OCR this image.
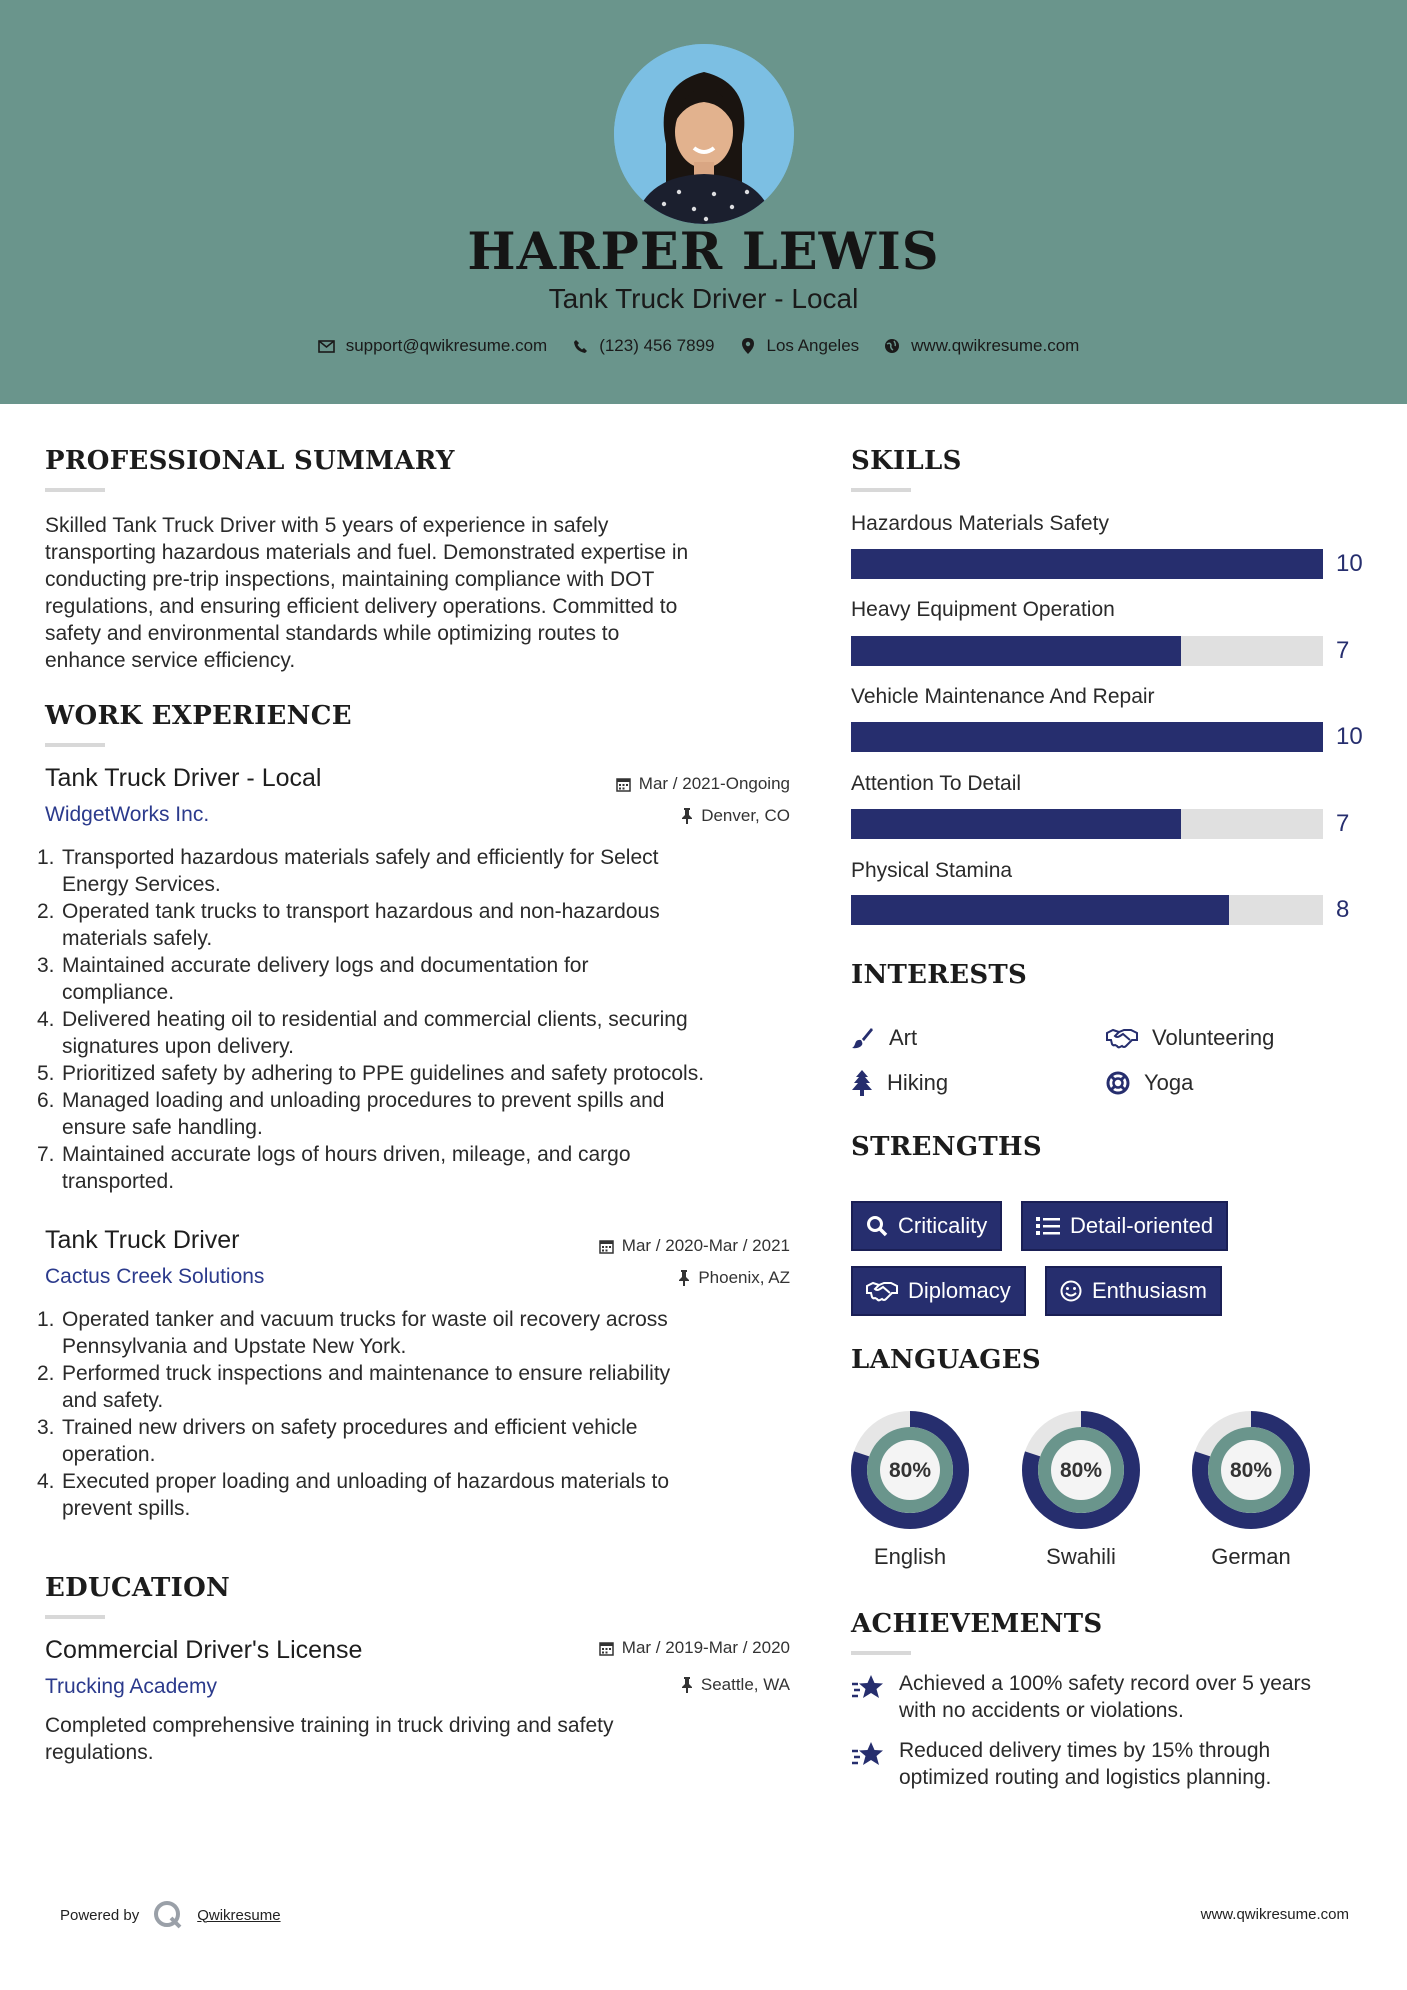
HARPER LEWIS
Tank Truck Driver - Local
support@qwikresume.com	(123) 456 7899	Los Angeles	www.qwikresume.com
PROFESSIONAL SUMMARY
Skilled Tank Truck Driver with 5 years of experience in safely
transporting hazardous materials and fuel. Demonstrated expertise in
conducting pre-trip inspections, maintaining compliance with DOT
regulations, and ensuring efficient delivery operations. Committed to
safety and environmental standards while optimizing routes to
enhance service efficiency.
WORK EXPERIENCE
Tank Truck Driver - Local	Mar / 2021-Ongoing
WidgetWorks Inc.	Denver, CO
1. Transported hazardous materials safely and efficiently for Select
Energy Services.
2. Operated tank trucks to transport hazardous and non-hazardous
materials safely.
3. Maintained accurate delivery logs and documentation for
compliance.
4. Delivered heating oil to residential and commercial clients, securing
signatures upon delivery.
5. Prioritized safety by adhering to PPE guidelines and safety protocols.
6. Managed loading and unloading procedures to prevent spills and
ensure safe handling.
7. Maintained accurate logs of hours driven, mileage, and cargo
transported.
Tank Truck Driver	Mar / 2020-Mar / 2021
Cactus Creek Solutions	Phoenix, AZ
1. Operated tanker and vacuum trucks for waste oil recovery across
Pennsylvania and Upstate New York.
2. Performed truck inspections and maintenance to ensure reliability
and safety.
3. Trained new drivers on safety procedures and efficient vehicle
operation.
4. Executed proper loading and unloading of hazardous materials to
prevent spills.
EDUCATION
Commercial Driver's License	Mar / 2019-Mar / 2020
Trucking Academy	Seattle, WA
Completed comprehensive training in truck driving and safety
regulations.
SKILLS
Hazardous Materials Safety
10
Heavy Equipment Operation
7
Vehicle Maintenance And Repair
10
Attention To Detail
7
Physical Stamina
8
INTERESTS
Art	Volunteering
Hiking	Yoga
STRENGTHS
Criticality	Detail-oriented
Diplomacy	Enthusiasm
LANGUAGES
80%
English
80%
Swahili
80%
German
ACHIEVEMENTS
Achieved a 100% safety record over 5 years
with no accidents or violations.
Reduced delivery times by 15% through
optimized routing and logistics planning.
Powered by	Qwikresume	www.qwikresume.com
